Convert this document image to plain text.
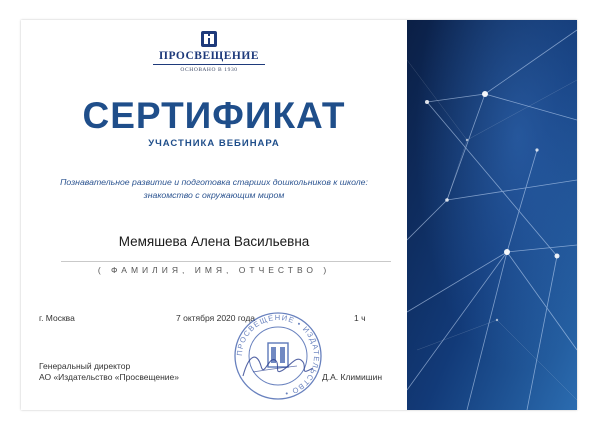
ПРОСВЕЩЕНИЕ
ОСНОВАНО В 1930
СЕРТИФИКАТ
УЧАСТНИКА ВЕБИНАРА
Познавательное развитие и подготовка старших дошкольников к школе:
знакомство с окружающим миром
Мемяшева Алена Васильевна
( ФАМИЛИЯ, ИМЯ, ОТЧЕСТВО )
г. Москва	7 октября 2020 года	1 ч
ПРОСВЕЩЕНИЕ • ИЗДАТЕЛЬСТВО •
Генеральный директор
АО «Издательство «Просвещение»	Д.А. Климишин
